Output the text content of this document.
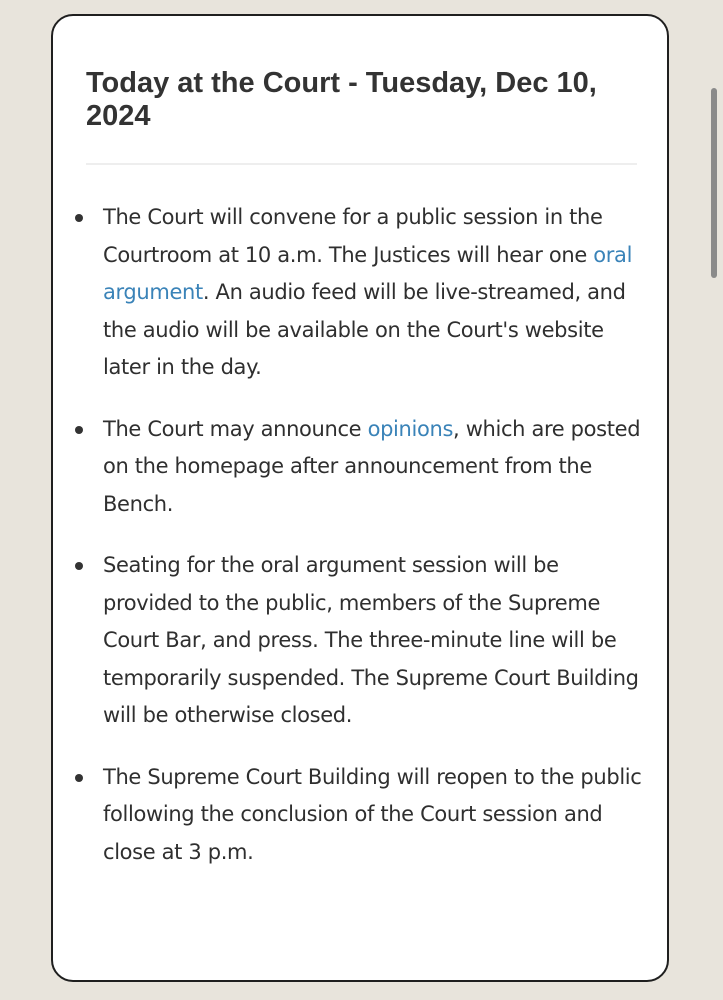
Today at the Court - Tuesday, Dec 10, 2024
The Court will convene for a public session in the Courtroom at 10 a.m. The Justices will hear one oral argument. An audio feed will be live-streamed, and the audio will be available on the Court's website later in the day.
The Court may announce opinions, which are posted on the homepage after announcement from the Bench.
Seating for the oral argument session will be provided to the public, members of the Supreme Court Bar, and press. The three-minute line will be temporarily suspended. The Supreme Court Building will be otherwise closed.
The Supreme Court Building will reopen to the public following the conclusion of the Court session and close at 3 p.m.
